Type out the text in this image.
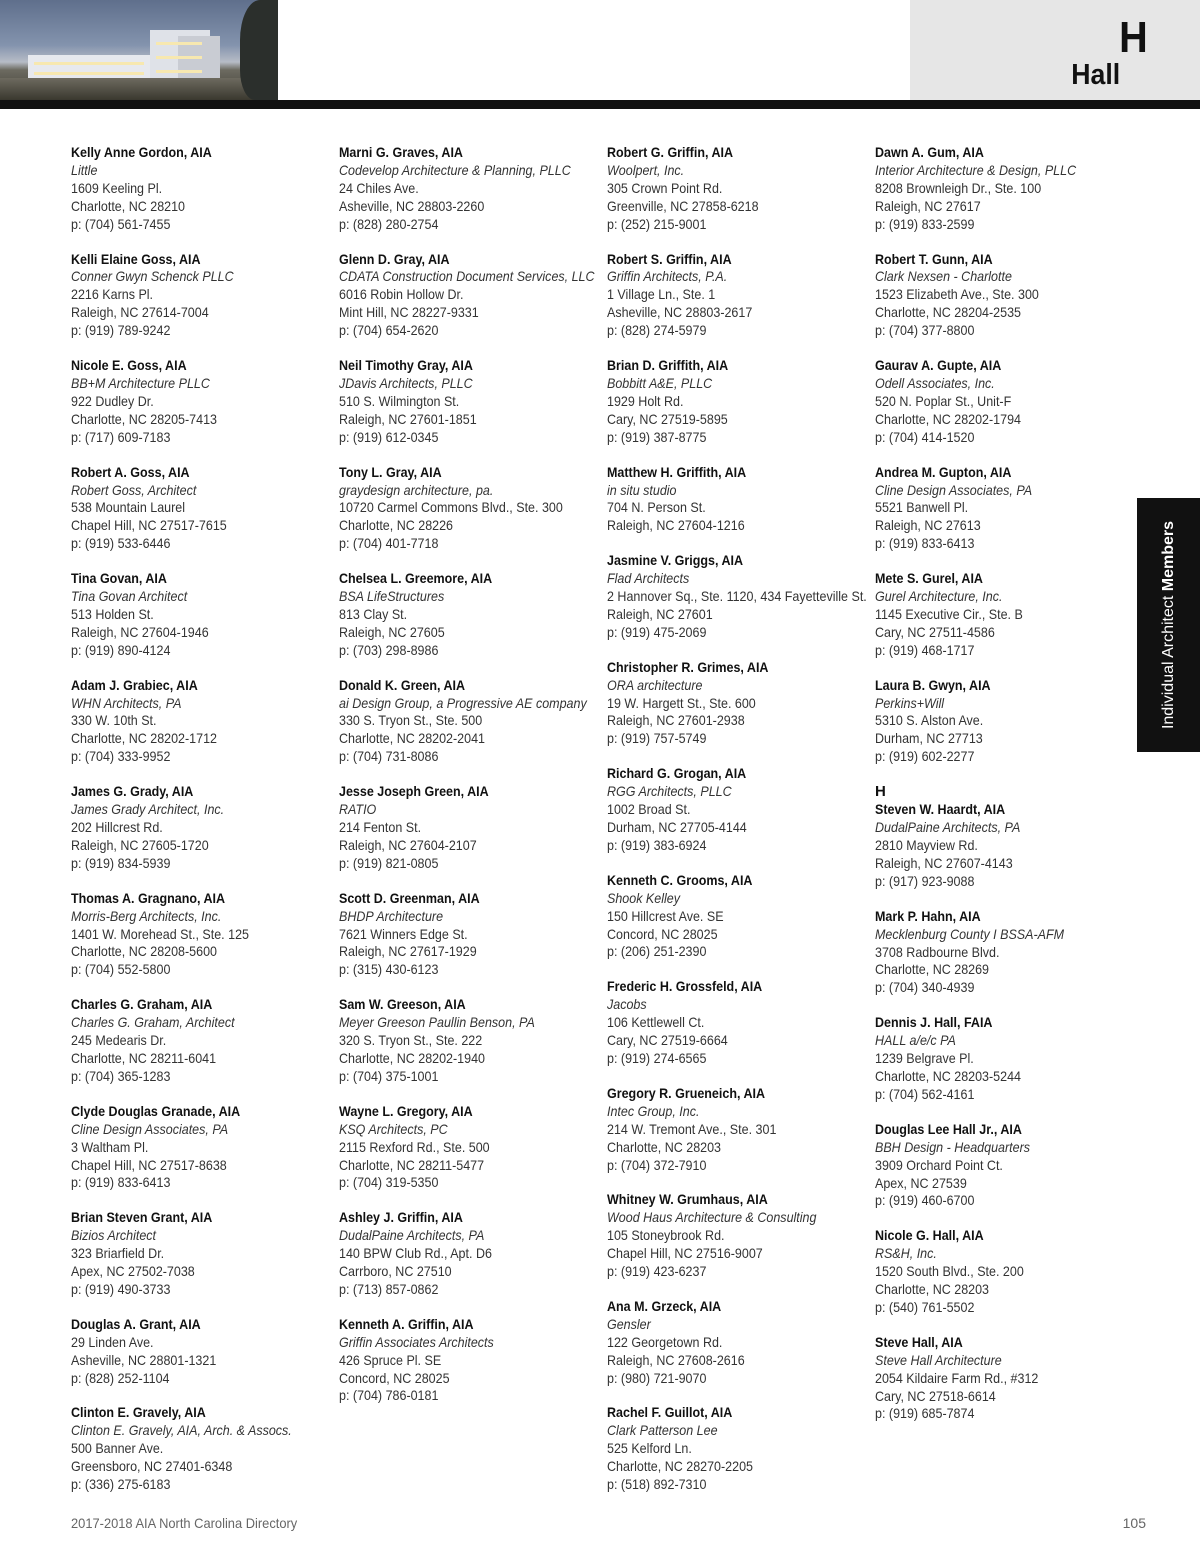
H
Hall
Individual Architect Members
Kelly Anne Gordon, AIA
Little
1609 Keeling Pl.
Charlotte, NC 28210
p: (704) 561-7455
Kelli Elaine Goss, AIA
Conner Gwyn Schenck PLLC
2216 Karns Pl.
Raleigh, NC 27614-7004
p: (919) 789-9242
Nicole E. Goss, AIA
BB+M Architecture PLLC
922 Dudley Dr.
Charlotte, NC 28205-7413
p: (717) 609-7183
Robert A. Goss, AIA
Robert Goss, Architect
538 Mountain Laurel
Chapel Hill, NC 27517-7615
p: (919) 533-6446
Tina Govan, AIA
Tina Govan Architect
513 Holden St.
Raleigh, NC 27604-1946
p: (919) 890-4124
Adam J. Grabiec, AIA
WHN Architects, PA
330 W. 10th St.
Charlotte, NC 28202-1712
p: (704) 333-9952
James G. Grady, AIA
James Grady Architect, Inc.
202 Hillcrest Rd.
Raleigh, NC 27605-1720
p: (919) 834-5939
Thomas A. Gragnano, AIA
Morris-Berg Architects, Inc.
1401 W. Morehead St., Ste. 125
Charlotte, NC 28208-5600
p: (704) 552-5800
Charles G. Graham, AIA
Charles G. Graham, Architect
245 Medearis Dr.
Charlotte, NC 28211-6041
p: (704) 365-1283
Clyde Douglas Granade, AIA
Cline Design Associates, PA
3 Waltham Pl.
Chapel Hill, NC 27517-8638
p: (919) 833-6413
Brian Steven Grant, AIA
Bizios Architect
323 Briarfield Dr.
Apex, NC 27502-7038
p: (919) 490-3733
Douglas A. Grant, AIA
29 Linden Ave.
Asheville, NC 28801-1321
p: (828) 252-1104
Clinton E. Gravely, AIA
Clinton E. Gravely, AIA, Arch. & Assocs.
500 Banner Ave.
Greensboro, NC 27401-6348
p: (336) 275-6183
Marni G. Graves, AIA
Codevelop Architecture & Planning, PLLC
24 Chiles Ave.
Asheville, NC 28803-2260
p: (828) 280-2754
Glenn D. Gray, AIA
CDATA Construction Document Services, LLC
6016 Robin Hollow Dr.
Mint Hill, NC 28227-9331
p: (704) 654-2620
Neil Timothy Gray, AIA
JDavis Architects, PLLC
510 S. Wilmington St.
Raleigh, NC 27601-1851
p: (919) 612-0345
Tony L. Gray, AIA
graydesign architecture, pa.
10720 Carmel Commons Blvd., Ste. 300
Charlotte, NC 28226
p: (704) 401-7718
Chelsea L. Greemore, AIA
BSA LifeStructures
813 Clay St.
Raleigh, NC 27605
p: (703) 298-8986
Donald K. Green, AIA
ai Design Group, a Progressive AE company
330 S. Tryon St., Ste. 500
Charlotte, NC 28202-2041
p: (704) 731-8086
Jesse Joseph Green, AIA
RATIO
214 Fenton St.
Raleigh, NC 27604-2107
p: (919) 821-0805
Scott D. Greenman, AIA
BHDP Architecture
7621 Winners Edge St.
Raleigh, NC 27617-1929
p: (315) 430-6123
Sam W. Greeson, AIA
Meyer Greeson Paullin Benson, PA
320 S. Tryon St., Ste. 222
Charlotte, NC 28202-1940
p: (704) 375-1001
Wayne L. Gregory, AIA
KSQ Architects, PC
2115 Rexford Rd., Ste. 500
Charlotte, NC 28211-5477
p: (704) 319-5350
Ashley J. Griffin, AIA
DudalPaine Architects, PA
140 BPW Club Rd., Apt. D6
Carrboro, NC 27510
p: (713) 857-0862
Kenneth A. Griffin, AIA
Griffin Associates Architects
426 Spruce Pl. SE
Concord, NC 28025
p: (704) 786-0181
Robert G. Griffin, AIA
Woolpert, Inc.
305 Crown Point Rd.
Greenville, NC 27858-6218
p: (252) 215-9001
Robert S. Griffin, AIA
Griffin Architects, P.A.
1 Village Ln., Ste. 1
Asheville, NC 28803-2617
p: (828) 274-5979
Brian D. Griffith, AIA
Bobbitt A&E, PLLC
1929 Holt Rd.
Cary, NC 27519-5895
p: (919) 387-8775
Matthew H. Griffith, AIA
in situ studio
704 N. Person St.
Raleigh, NC 27604-1216
Jasmine V. Griggs, AIA
Flad Architects
2 Hannover Sq., Ste. 1120, 434 Fayetteville St.
Raleigh, NC 27601
p: (919) 475-2069
Christopher R. Grimes, AIA
ORA architecture
19 W. Hargett St., Ste. 600
Raleigh, NC 27601-2938
p: (919) 757-5749
Richard G. Grogan, AIA
RGG Architects, PLLC
1002 Broad St.
Durham, NC 27705-4144
p: (919) 383-6924
Kenneth C. Grooms, AIA
Shook Kelley
150 Hillcrest Ave. SE
Concord, NC 28025
p: (206) 251-2390
Frederic H. Grossfeld, AIA
Jacobs
106 Kettlewell Ct.
Cary, NC 27519-6664
p: (919) 274-6565
Gregory R. Grueneich, AIA
Intec Group, Inc.
214 W. Tremont Ave., Ste. 301
Charlotte, NC 28203
p: (704) 372-7910
Whitney W. Grumhaus, AIA
Wood Haus Architecture & Consulting
105 Stoneybrook Rd.
Chapel Hill, NC 27516-9007
p: (919) 423-6237
Ana M. Grzeck, AIA
Gensler
122 Georgetown Rd.
Raleigh, NC 27608-2616
p: (980) 721-9070
Rachel F. Guillot, AIA
Clark Patterson Lee
525 Kelford Ln.
Charlotte, NC 28270-2205
p: (518) 892-7310
Dawn A. Gum, AIA
Interior Architecture & Design, PLLC
8208 Brownleigh Dr., Ste. 100
Raleigh, NC 27617
p: (919) 833-2599
Robert T. Gunn, AIA
Clark Nexsen - Charlotte
1523 Elizabeth Ave., Ste. 300
Charlotte, NC 28204-2535
p: (704) 377-8800
Gaurav A. Gupte, AIA
Odell Associates, Inc.
520 N. Poplar St., Unit-F
Charlotte, NC 28202-1794
p: (704) 414-1520
Andrea M. Gupton, AIA
Cline Design Associates, PA
5521 Banwell Pl.
Raleigh, NC 27613
p: (919) 833-6413
Mete S. Gurel, AIA
Gurel Architecture, Inc.
1145 Executive Cir., Ste. B
Cary, NC 27511-4586
p: (919) 468-1717
Laura B. Gwyn, AIA
Perkins+Will
5310 S. Alston Ave.
Durham, NC 27713
p: (919) 602-2277
H
Steven W. Haardt, AIA
DudalPaine Architects, PA
2810 Mayview Rd.
Raleigh, NC 27607-4143
p: (917) 923-9088
Mark P. Hahn, AIA
Mecklenburg County I BSSA-AFM
3708 Radbourne Blvd.
Charlotte, NC 28269
p: (704) 340-4939
Dennis J. Hall, FAIA
HALL a/e/c PA
1239 Belgrave Pl.
Charlotte, NC 28203-5244
p: (704) 562-4161
Douglas Lee Hall Jr., AIA
BBH Design - Headquarters
3909 Orchard Point Ct.
Apex, NC 27539
p: (919) 460-6700
Nicole G. Hall, AIA
RS&H, Inc.
1520 South Blvd., Ste. 200
Charlotte, NC 28203
p: (540) 761-5502
Steve Hall, AIA
Steve Hall Architecture
2054 Kildaire Farm Rd., #312
Cary, NC 27518-6614
p: (919) 685-7874
2017-2018 AIA North Carolina Directory	105
